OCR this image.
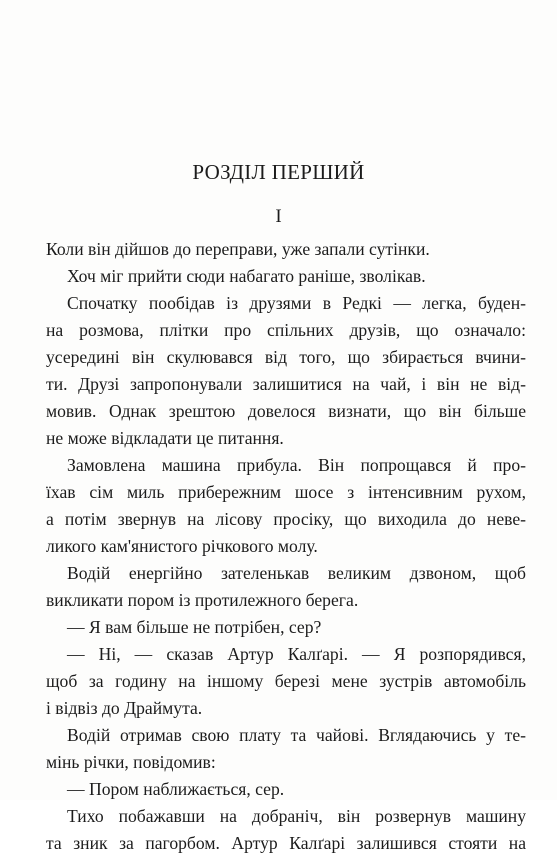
РОЗДІЛ ПЕРШИЙ
I
Коли він дійшов до переправи, уже запали сутінки.
Хоч міг прийти сюди набагато раніше, зволікав.
Спочатку пообідав із друзями в Редкі — легка, буден-
на розмова, плітки про спільних друзів, що означало:
усередині він скулювався від того, що збирається вчини-
ти. Друзі запропонували залишитися на чай, і він не від-
мовив. Однак зрештою довелося визнати, що він більше
не може відкладати це питання.
Замовлена машина прибула. Він попрощався й про-
їхав сім миль прибережним шосе з інтенсивним рухом,
а потім звернув на лісову просіку, що виходила до неве-
ликого кам'янистого річкового молу.
Водій енергійно зателенькав великим дзвоном, щоб
викликати пором із протилежного берега.
— Я вам більше не потрібен, сер?
— Ні, — сказав Артур Калґарі. — Я розпорядився,
щоб за годину на іншому березі мене зустрів автомобіль
і відвіз до Драймута.
Водій отримав свою плату та чайові. Вглядаючись у те-
мінь річки, повідомив:
— Пором наближається, сер.
Тихо побажавши на добраніч, він розвернув машину
та зник за пагорбом. Артур Калґарі залишився стояти на
